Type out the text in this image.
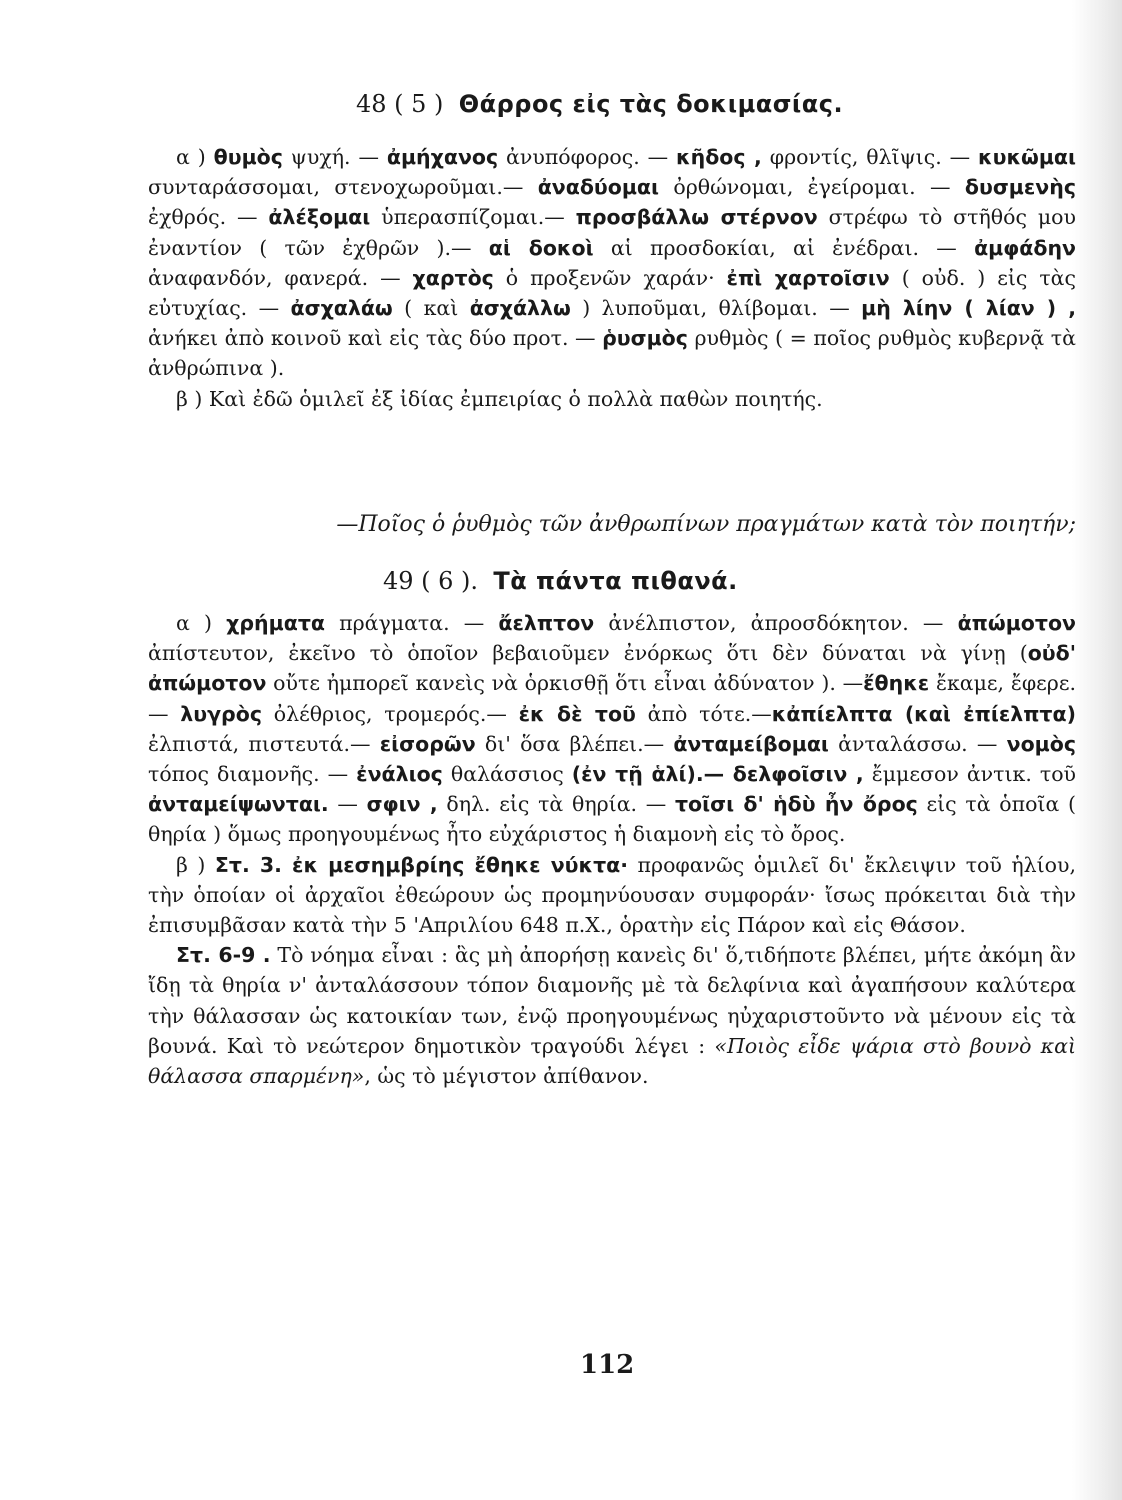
48 ( 5 ) Θάρρος εἰς τὰς δοκιμασίας.

α ) θυμὸς ψυχή. — ἀμήχανος ἀνυπόφορος. — κῆδος , φροντίς, θλῖψις. — κυκῶμαι συνταράσσομαι, στενοχωροῦμαι.— ἀναδύομαι ὀρθώνομαι, ἐγείρομαι. — δυσμενὴς ἐχθρός. — ἀλέξομαι ὑπερασπίζομαι.— προσβάλλω στέρνον στρέφω τὸ στῆθός μου ἐναντίον ( τῶν ἐχθρῶν ).— αἱ δοκοὶ αἱ προσδοκίαι, αἱ ἐνέδραι. — ἀμφάδην ἀναφανδόν, φανερά. — χαρτὸς ὁ προξενῶν χαράν· ἐπὶ χαρτοῖσιν ( οὐδ. ) εἰς τὰς εὐτυχίας. — ἀσχαλάω ( καὶ ἀσχάλλω ) λυποῦμαι, θλίβομαι. — μὴ λίην ( λίαν ) , ἀνήκει ἀπὸ κοινοῦ καὶ εἰς τὰς δύο προτ. — ῥυσμὸς ρυθμὸς ( = ποῖος ρυθμὸς κυβερνᾷ τὰ ἀνθρώπινα ).

β ) Καὶ ἐδῶ ὁμιλεῖ ἐξ ἰδίας ἐμπειρίας ὁ πολλὰ παθὼν ποιητής.

—Ποῖος ὁ ῥυθμὸς τῶν ἀνθρωπίνων πραγμάτων κατὰ τὸν ποιητήν;
49 ( 6 ). Τὰ πάντα πιθανά.

α ) χρήματα πράγματα. — ἄελπτον ἀνέλπιστον, ἀπροσδόκητον. — ἀπώμοτον ἀπίστευτον, ἐκεῖνο τὸ ὁποῖον βεβαιοῦμεν ἐνόρκως ὅτι δὲν δύναται νὰ γίνῃ (οὐδ' ἀπώμοτον οὔτε ἠμπορεῖ κανεὶς νὰ ὁρκισθῇ ὅτι εἶναι ἀδύνατον ). —ἔθηκε ἔκαμε, ἔφερε. — λυγρὸς ὀλέθριος, τρομερός.— ἐκ δὲ τοῦ ἀπὸ τότε.—κἀπίελπτα (καὶ ἐπίελπτα) ἐλπιστά, πιστευτά.— εἰσορῶν δι' ὅσα βλέπει.— ἀνταμείβομαι ἀνταλάσσω. — νομὸς τόπος διαμονῆς. — ἐνάλιος θαλάσσιος (ἐν τῇ ἁλί).— δελφοῖσιν , ἔμμεσον ἀντικ. τοῦ ἀνταμείψωνται. — σφιν , δηλ. εἰς τὰ θηρία. — τοῖσι δ' ἡδὺ ἦν ὄρος εἰς τὰ ὁποῖα ( θηρία ) ὅμως προηγουμένως ἦτο εὐχάριστος ἡ διαμονὴ εἰς τὸ ὄρος.

β ) Στ. 3. ἐκ μεσημβρίης ἔθηκε νύκτα· προφανῶς ὁμιλεῖ δι' ἔκλειψιν τοῦ ἡλίου, τὴν ὁποίαν οἱ ἀρχαῖοι ἐθεώρουν ὡς προμηνύουσαν συμφοράν· ἴσως πρόκειται διὰ τὴν ἐπισυμβᾶσαν κατὰ τὴν 5 'Απριλίου 648 π.Χ., ὁρατὴν εἰς Πάρον καὶ εἰς Θάσον.

Στ. 6-9 . Τὸ νόημα εἶναι : ἃς μὴ ἀπορήσῃ κανεὶς δι' ὅ,τιδήποτε βλέπει, μήτε ἀκόμη ἂν ἴδῃ τὰ θηρία ν' ἀνταλάσσουν τόπον διαμονῆς μὲ τὰ δελφίνια καὶ ἀγαπήσουν καλύτερα τὴν θάλασσαν ὡς κατοικίαν των, ἐνῷ προηγουμένως ηὐχαριστοῦντο νὰ μένουν εἰς τὰ βουνά. Καὶ τὸ νεώτερον δημοτικὸν τραγούδι λέγει : «Ποιὸς εἶδε ψάρια στὸ βουνὸ καὶ θάλασσα σπαρμένη», ὡς τὸ μέγιστον ἀπίθανον.

112
